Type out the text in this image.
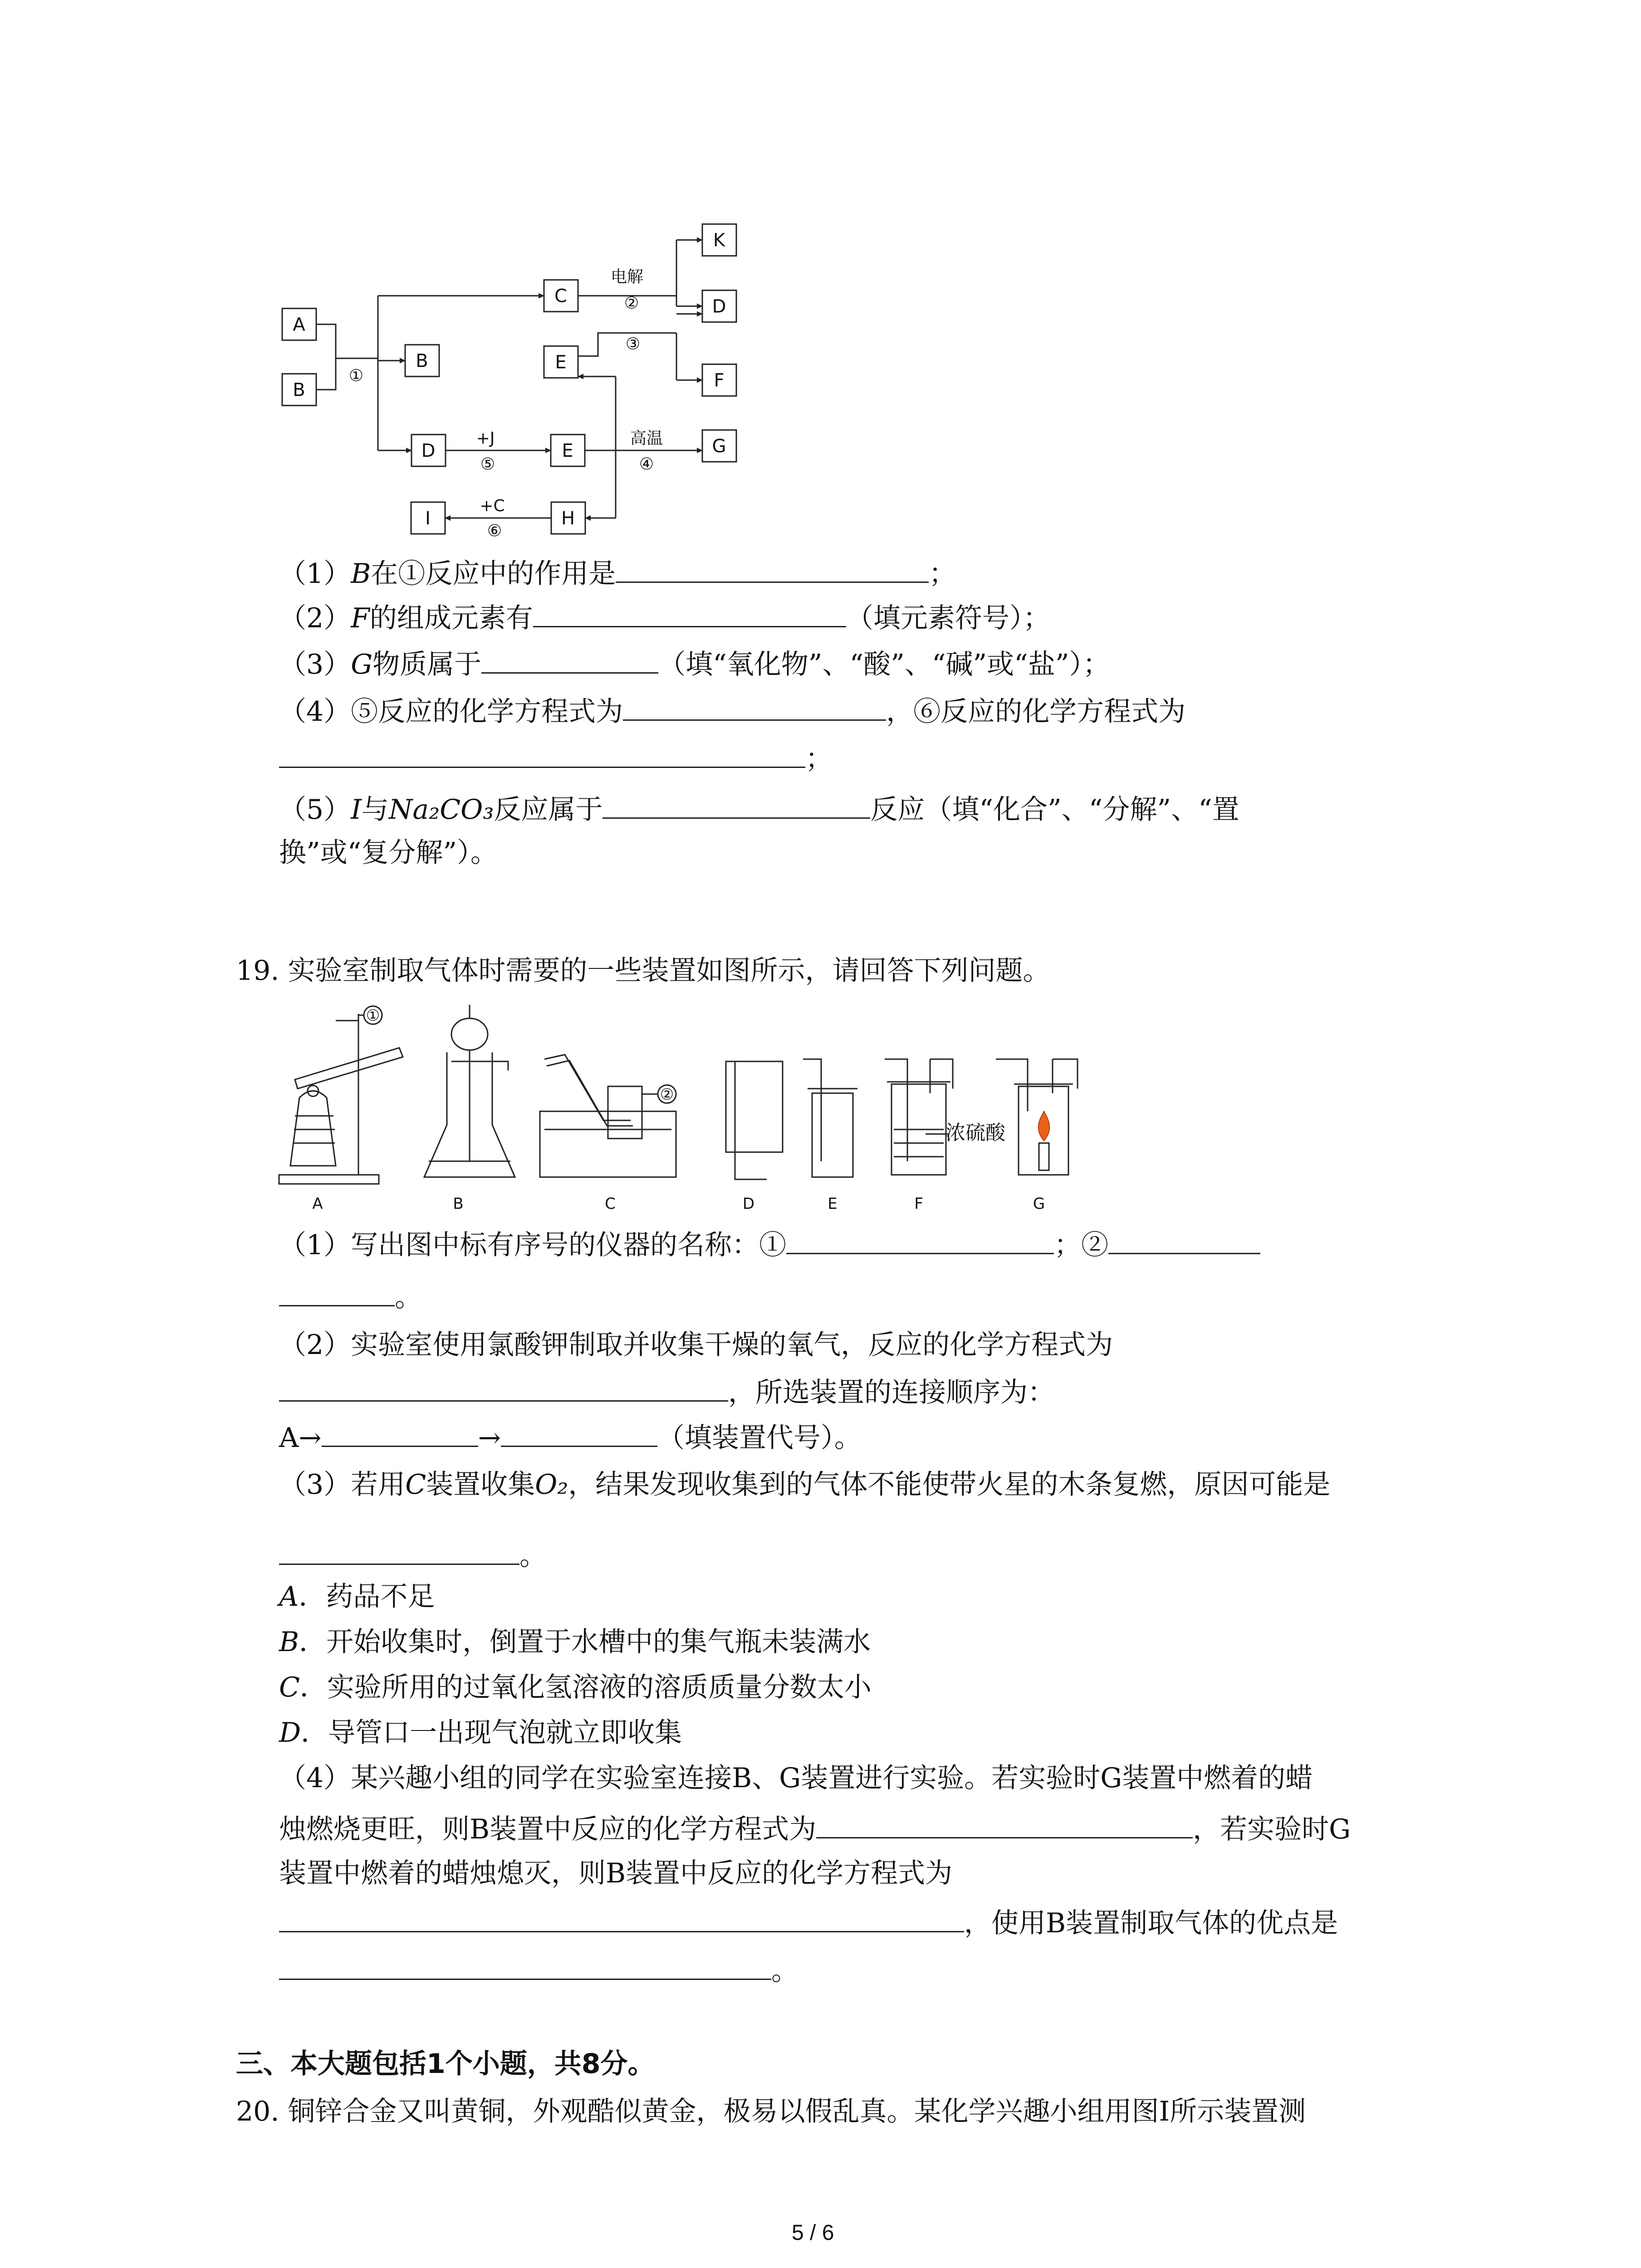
A
B
B
C
E
D	E
I	H
K
D
F
G
①
电解
②
③
高温
④
+J
⑤
+C
⑥
（1）B在①反应中的作用是	；
（2）F的组成元素有	（填元素符号）；
（3）G物质属于	（填“氧化物”、“酸”、“碱”或“盐”）；
（4）⑤反应的化学方程式为	，⑥反应的化学方程式为
；
（5）I与Na₂CO₃反应属于	反应（填“化合”、“分解”、“置
换”或“复分解”）。
19. 实验室制取气体时需要的一些装置如图所示，请回答下列问题。
①
②
浓硫酸
A	B	C	D	E	F	G
（1）写出图中标有序号的仪器的名称：①	；②
。
（2）实验室使用氯酸钾制取并收集干燥的氧气，反应的化学方程式为
，所选装置的连接顺序为：
A→	→	（填装置代号）。
（3）若用C装置收集O₂，结果发现收集到的气体不能使带火星的木条复燃，原因可能是
。
A．药品不足
B．开始收集时，倒置于水槽中的集气瓶未装满水
C．实验所用的过氧化氢溶液的溶质质量分数太小
D．导管口一出现气泡就立即收集
（4）某兴趣小组的同学在实验室连接B、G装置进行实验。若实验时G装置中燃着的蜡
烛燃烧更旺，则B装置中反应的化学方程式为	，若实验时G
装置中燃着的蜡烛熄灭，则B装置中反应的化学方程式为
，使用B装置制取气体的优点是
。
三、本大题包括1个小题，共8分。
20. 铜锌合金又叫黄铜，外观酷似黄金，极易以假乱真。某化学兴趣小组用图Ⅰ所示装置测
5 / 6
